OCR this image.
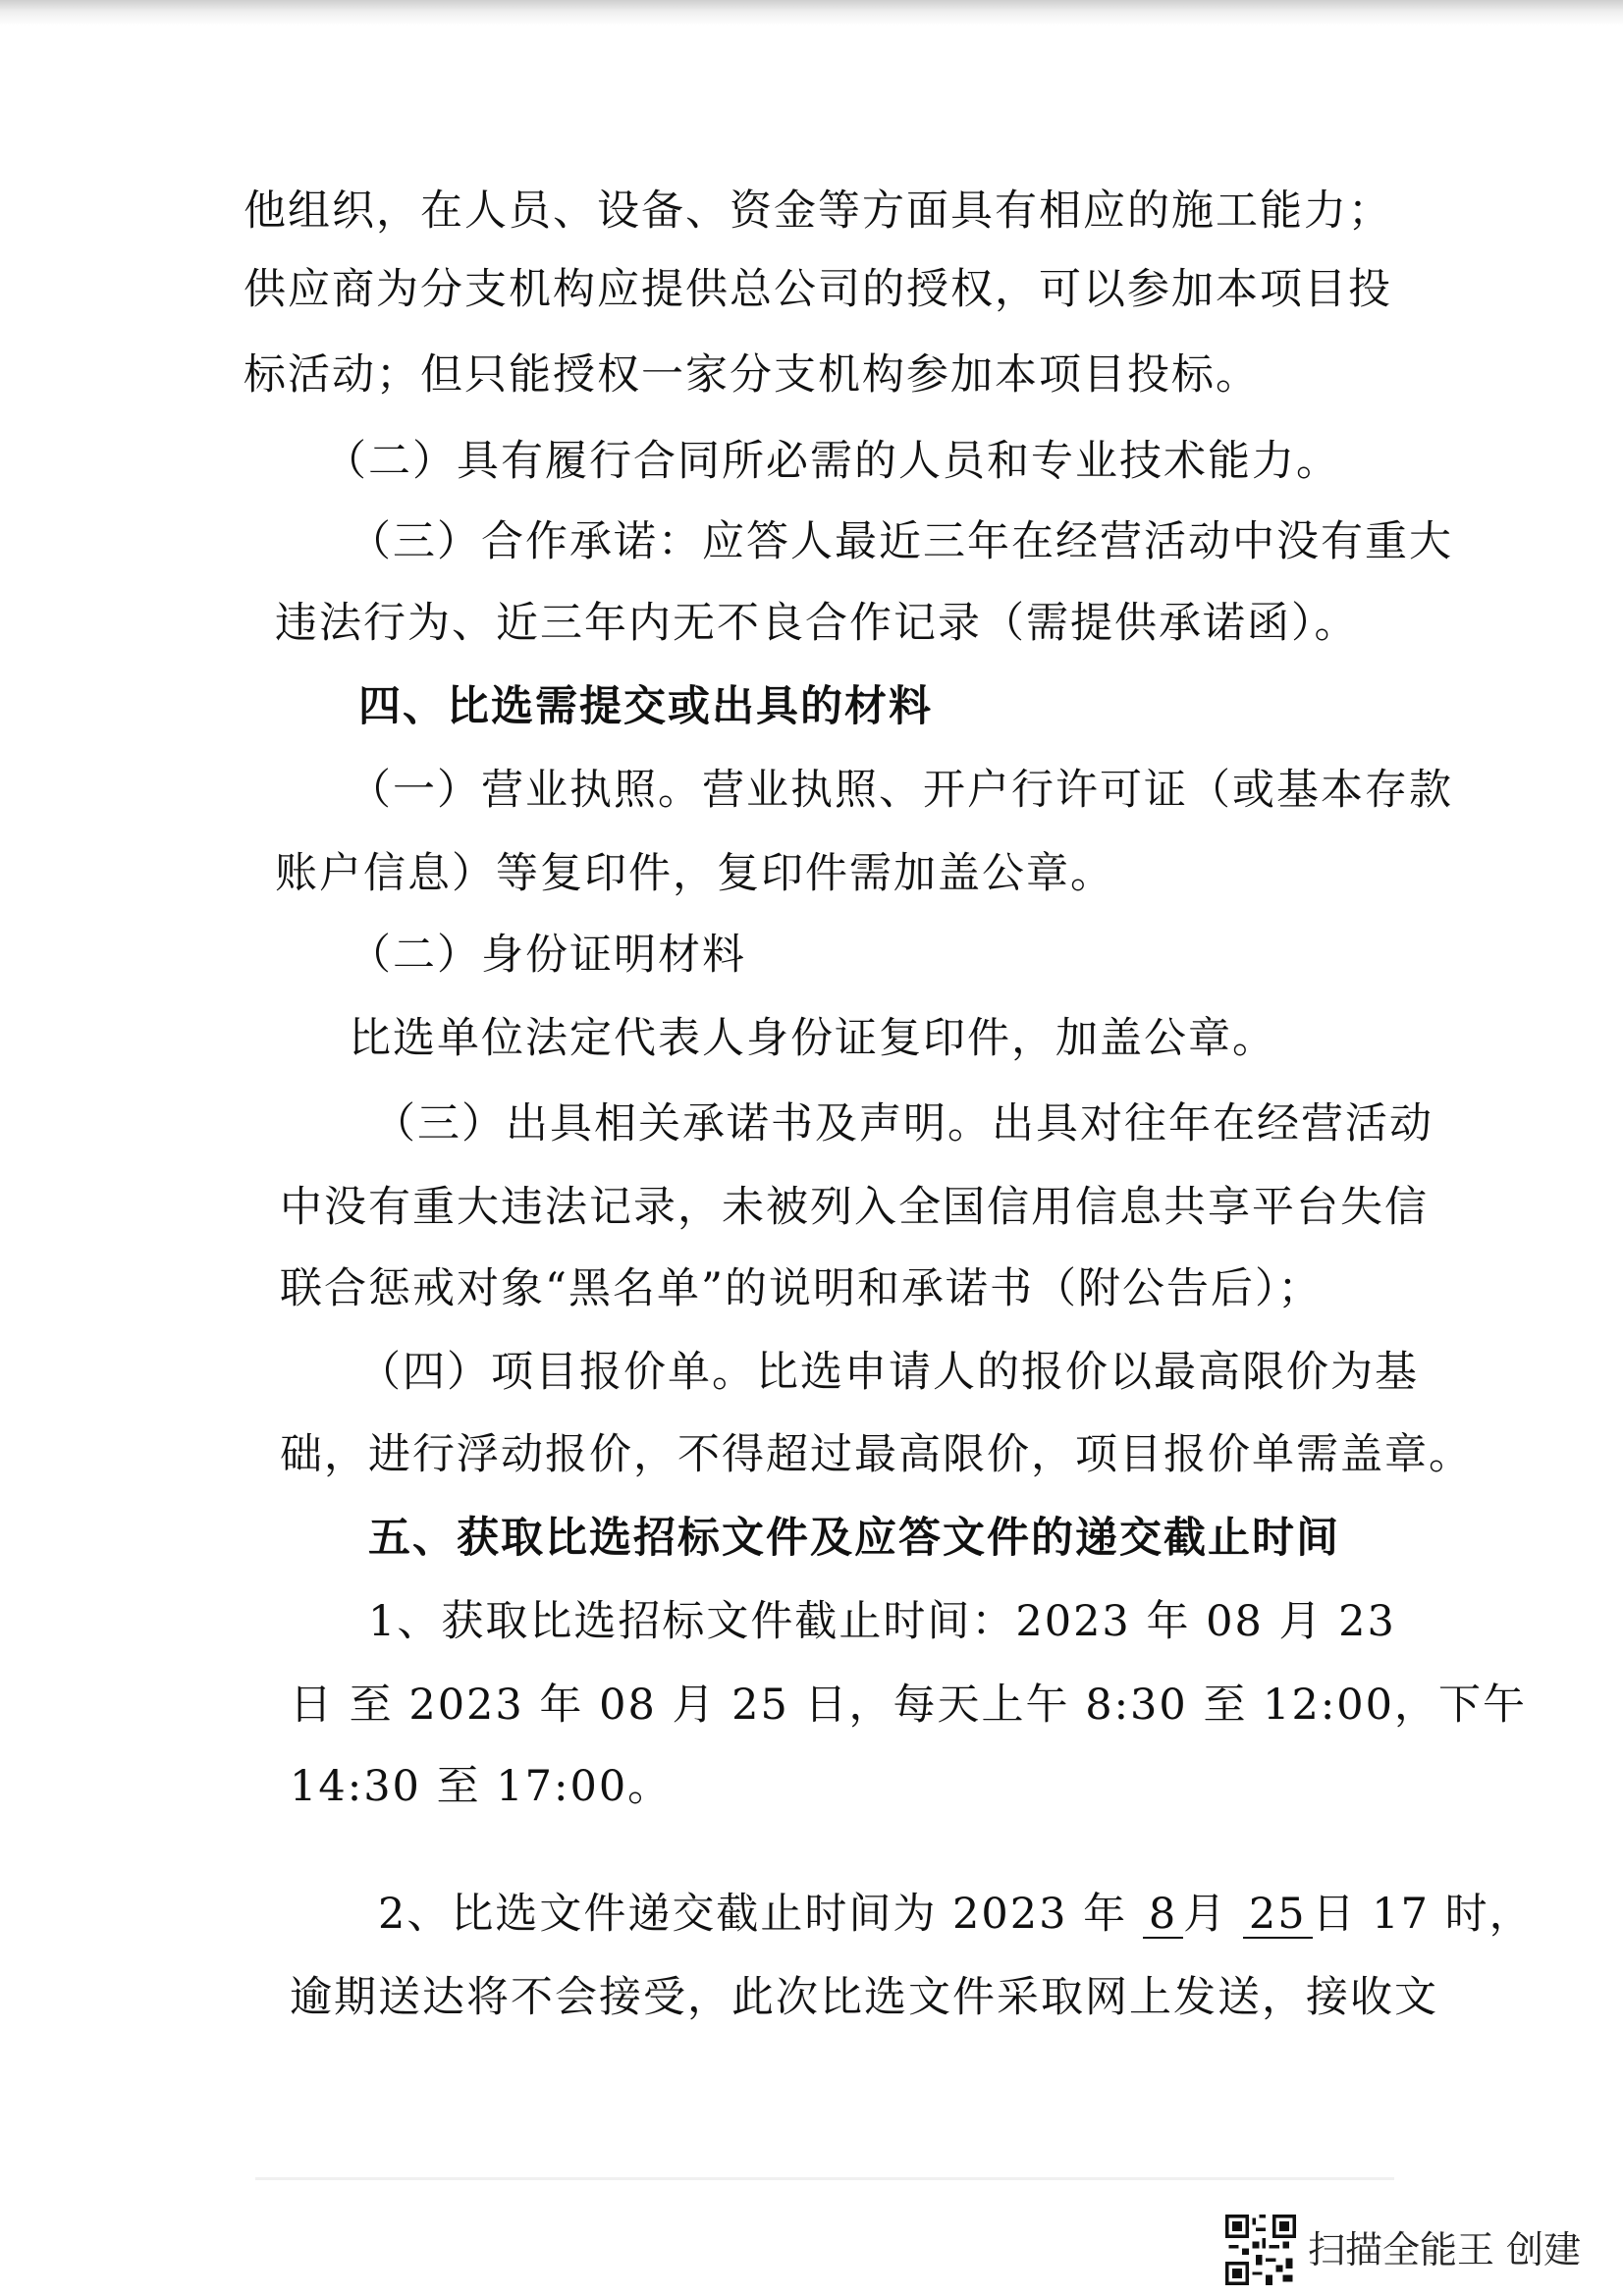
他组织，在人员、设备、资金等方面具有相应的施工能力；
供应商为分支机构应提供总公司的授权，可以参加本项目投
标活动；但只能授权一家分支机构参加本项目投标。
（二）具有履行合同所必需的人员和专业技术能力。
（三）合作承诺：应答人最近三年在经营活动中没有重大
违法行为、近三年内无不良合作记录（需提供承诺函）。
四、比选需提交或出具的材料
（一）营业执照。营业执照、开户行许可证（或基本存款
账户信息）等复印件，复印件需加盖公章。
（二）身份证明材料
比选单位法定代表人身份证复印件，加盖公章。
（三）出具相关承诺书及声明。出具对往年在经营活动
中没有重大违法记录，未被列入全国信用信息共享平台失信
联合惩戒对象“黑名单”的说明和承诺书（附公告后）；
（四）项目报价单。比选申请人的报价以最高限价为基
础，进行浮动报价，不得超过最高限价，项目报价单需盖章。
五、获取比选招标文件及应答文件的递交截止时间
1、获取比选招标文件截止时间：2023 年 08 月 23
日 至 2023 年 08 月 25 日，每天上午 8:30 至 12:00，下午
14:30 至 17:00。
2、比选文件递交截止时间为 2023 年 8 月 25 日 17 时，
逾期送达将不会接受，此次比选文件采取网上发送，接收文
扫描全能王 创建
